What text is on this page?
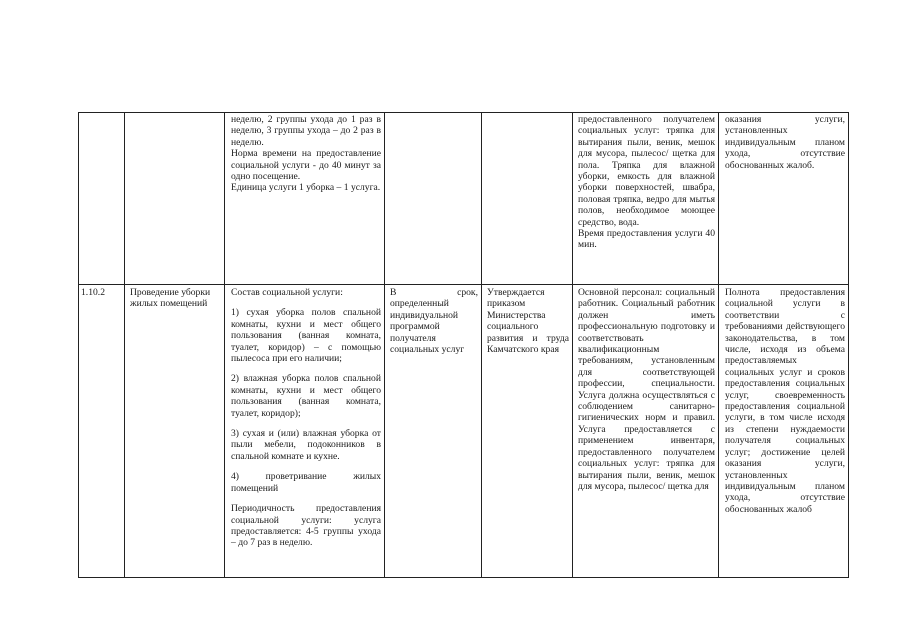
неделю, 2 группы ухода до 1 раз в неделю, 3 группы ухода – до 2 раз в неделю.

Норма времени на предоставление социальной услуги - до 40 минут за одно посещение.

Единица услуги 1 уборка – 1 услуга.

предоставленного получателем социальных услуг: тряпка для вытирания пыли, веник, мешок для мусора, пылесос/ щетка для пола. Тряпка для влажной уборки, емкость для влажной уборки поверхностей, швабра, половая тряпка, ведро для мытья полов, необходимое моющее средство, вода.

Время предоставления услуги 40 мин.

оказания услуги, установленных индивидуальным планом ухода, отсутствие обоснованных жалоб.

1.10.2	Проведение уборки жилых помещений

Состав социальной услуги:

1) сухая уборка полов спальной комнаты, кухни и мест общего пользования (ванная комната, туалет, коридор) – с помощью пылесоса при его наличии;

2) влажная уборка полов спальной комнаты, кухни и мест общего пользования (ванная комната, туалет, коридор);

3) сухая и (или) влажная уборка от пыли мебели, подоконников в спальной комнате и кухне.

4) проветривание жилых помещений

Периодичность предоставления социальной услуги: услуга предоставляется: 4-5 группы ухода – до 7 раз в неделю.

В срок, определенный индивидуальной программой получателя социальных услуг
Утверждается приказом Министерства социального развития и труда Камчатского края
Основной персонал: социальный работник. Социальный работник должен иметь профессиональную подготовку и соответствовать квалификационным требованиям, установленным для соответствующей профессии, специальности. Услуга должна осуществляться с соблюдением санитарно-гигиенических норм и правил. Услуга предоставляется с применением инвентаря, предоставленного получателем социальных услуг: тряпка для вытирания пыли, веник, мешок для мусора, пылесос/ щетка для
Полнота предоставления социальной услуги в соответствии с требованиями действующего законодательства, в том числе, исходя из объема предоставляемых социальных услуг и сроков предоставления социальных услуг, своевременность предоставления социальной услуги, в том числе исходя из степени нуждаемости получателя социальных услуг; достижение целей оказания услуги, установленных индивидуальным планом ухода, отсутствие обоснованных жалоб
